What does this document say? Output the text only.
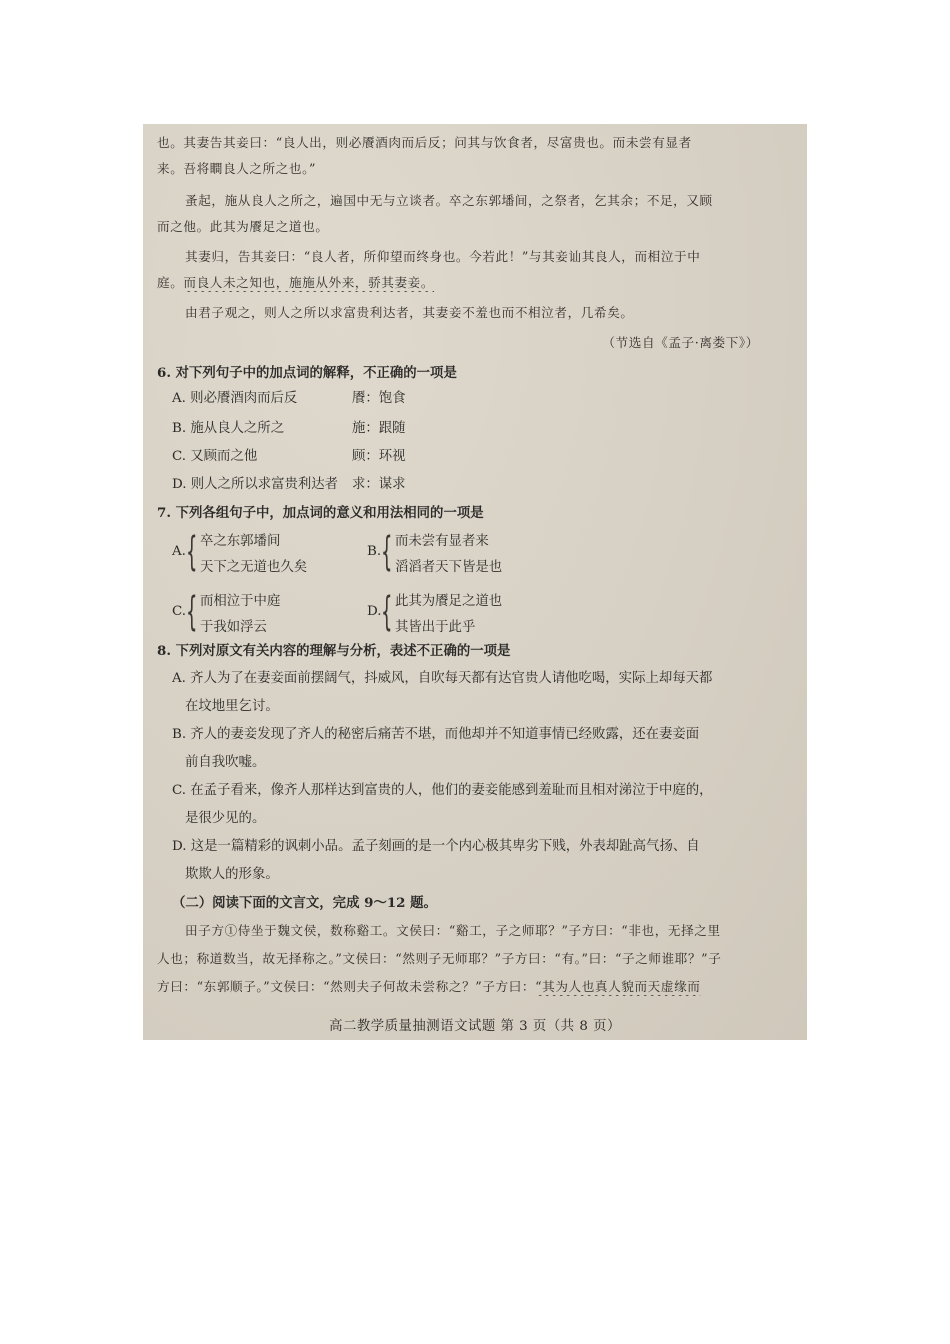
也。其妻告其妾曰：“良人出，则必餍酒肉而后反；问其与饮食者，尽富贵也。而未尝有显者
来。吾将瞷良人之所之也。”
蚤起，施从良人之所之，遍国中无与立谈者。卒之东郭墦间，之祭者，乞其余；不足，又顾
而之他。此其为餍足之道也。
其妻归，告其妾曰：“良人者，所仰望而终身也。今若此！”与其妾讪其良人，而相泣于中
庭。而良人未之知也，施施从外来，骄其妻妾。
由君子观之，则人之所以求富贵利达者，其妻妾不羞也而不相泣者，几希矣。
（节选自《孟子·离娄下》）
6. 对下列句子中的加点词的解释，不正确的一项是
A. 则必餍酒肉而后反	餍：饱食
B. 施从良人之所之	施：跟随
C. 又顾而之他	顾：环视
D. 则人之所以求富贵利达者 求：谋求
7. 下列各组句子中，加点词的意义和用法相同的一项是
A. { 卒之东郭墦间
天下之无道也久矣
B. { 而未尝有显者来
滔滔者天下皆是也
C. { 而相泣于中庭
于我如浮云
D. { 此其为餍足之道也
其皆出于此乎
8. 下列对原文有关内容的理解与分析，表述不正确的一项是
A. 齐人为了在妻妾面前摆阔气，抖威风，自吹每天都有达官贵人请他吃喝，实际上却每天都
在坟地里乞讨。
B. 齐人的妻妾发现了齐人的秘密后痛苦不堪，而他却并不知道事情已经败露，还在妻妾面
前自我吹嘘。
C. 在孟子看来，像齐人那样达到富贵的人，他们的妻妾能感到羞耻而且相对涕泣于中庭的，
是很少见的。
D. 这是一篇精彩的讽刺小品。孟子刻画的是一个内心极其卑劣下贱，外表却趾高气扬、自
欺欺人的形象。
（二）阅读下面的文言文，完成 9～12 题。
田子方①侍坐于魏文侯，数称谿工。文侯曰：“谿工，子之师耶？”子方曰：“非也，无择之里
人也；称道数当，故无择称之。”文侯曰：“然则子无师耶？”子方曰：“有。”曰：“子之师谁耶？”子
方曰：“东郭顺子。”文侯曰：“然则夫子何故未尝称之？”子方曰：“其为人也真人貌而天虚缘而
高二教学质量抽测语文试题 第 3 页（共 8 页）
